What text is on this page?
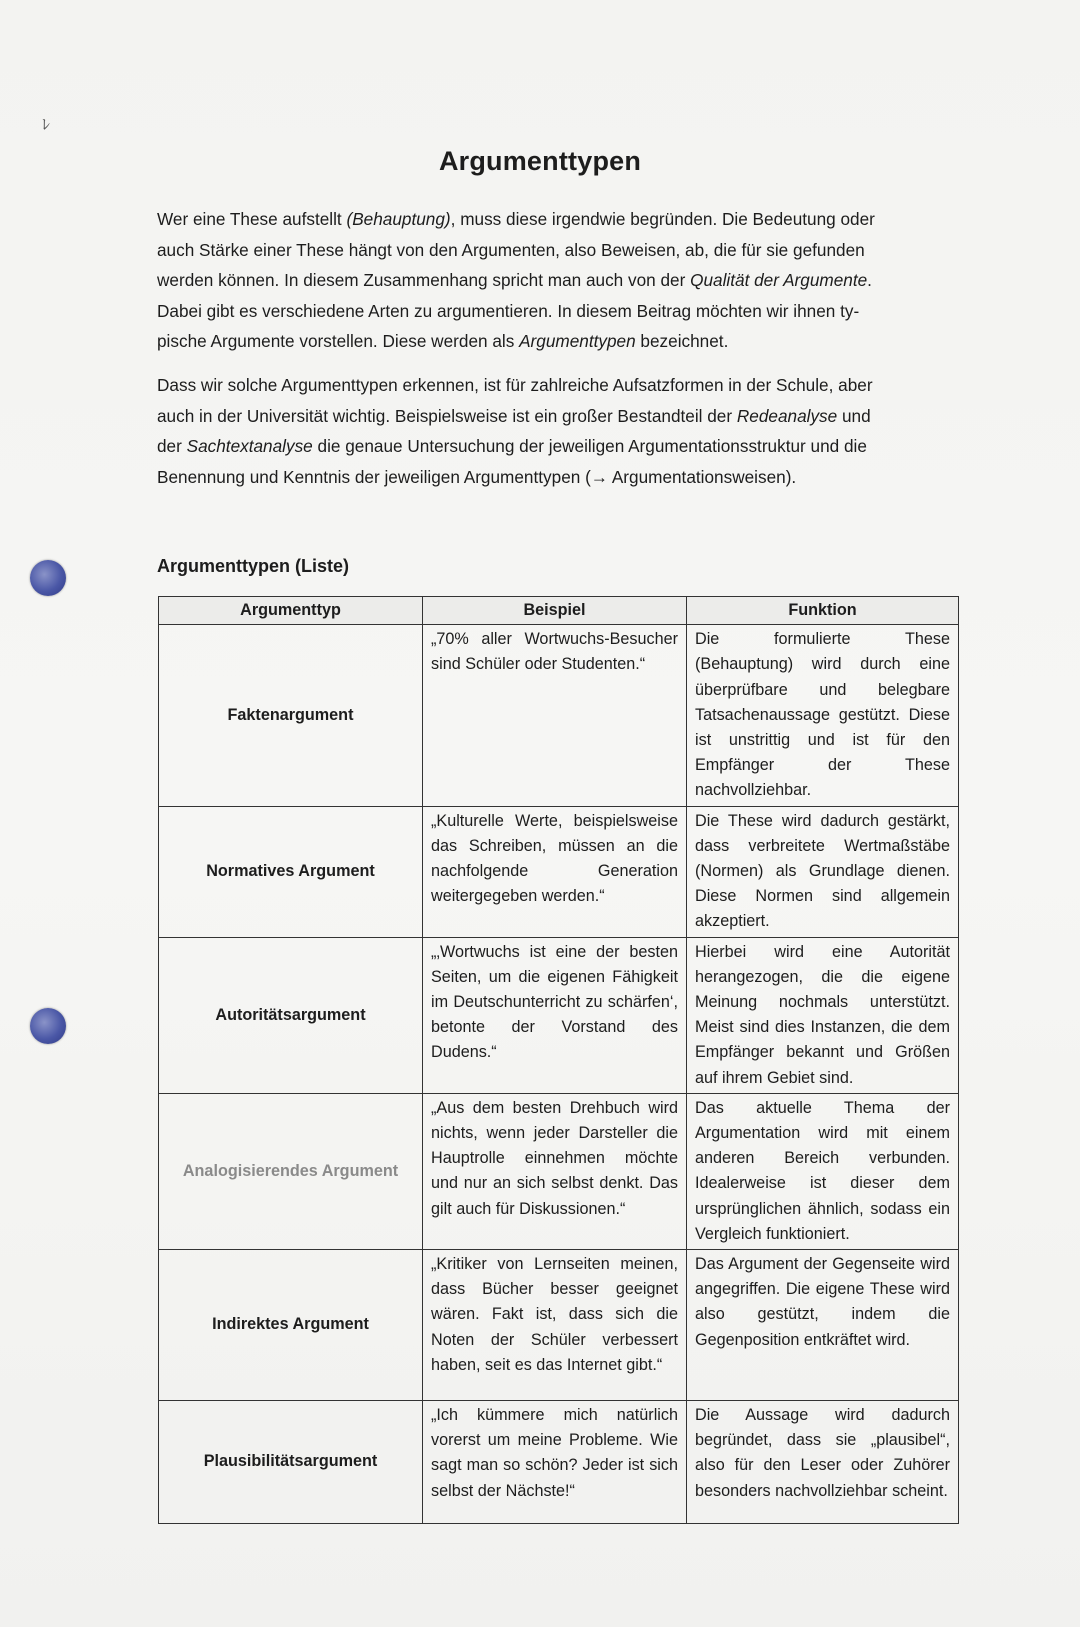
ﾚ
Argumenttypen
Wer eine These aufstellt (Behauptung), muss diese irgendwie begründen. Die Bedeutung oder
auch Stärke einer These hängt von den Argumenten, also Beweisen, ab, die für sie gefunden
werden können. In diesem Zusammenhang spricht man auch von der Qualität der Argumente.
Dabei gibt es verschiedene Arten zu argumentieren. In diesem Beitrag möchten wir ihnen ty-
pische Argumente vorstellen. Diese werden als Argumenttypen bezeichnet.
Dass wir solche Argumenttypen erkennen, ist für zahlreiche Aufsatzformen in der Schule, aber
auch in der Universität wichtig. Beispielsweise ist ein großer Bestandteil der Redeanalyse und
der Sachtextanalyse die genaue Untersuchung der jeweiligen Argumentationsstruktur und die
Benennung und Kenntnis der jeweiligen Argumenttypen (→ Argumentationsweisen).
Argumenttypen (Liste)
Argumenttyp	Beispiel	Funktion
Faktenargument	„70% aller Wortwuchs-Besucher sind Schüler oder Studenten.“	Die formulierte These (Behauptung) wird durch eine überprüfbare und belegbare Tatsachenaussage gestützt. Diese ist unstrittig und ist für den Empfänger der These nachvollziehbar.
Normatives Argument	„Kulturelle Werte, beispielsweise das Schreiben, müssen an die nachfolgende Generation weitergegeben werden.“	Die These wird dadurch gestärkt, dass verbreitete Wertmaßstäbe (Normen) als Grundlage dienen. Diese Normen sind allgemein akzeptiert.
Autoritätsargument	„‚Wortwuchs ist eine der besten Seiten, um die eigenen Fähigkeit im Deutschunterricht zu schärfen‘, betonte der Vorstand des Dudens.“	Hierbei wird eine Autorität herangezogen, die die eigene Meinung nochmals unterstützt. Meist sind dies Instanzen, die dem Empfänger bekannt und Größen auf ihrem Gebiet sind.
Analogisierendes Argument	„Aus dem besten Drehbuch wird nichts, wenn jeder Darsteller die Hauptrolle einnehmen möchte und nur an sich selbst denkt. Das gilt auch für Diskussionen.“	Das aktuelle Thema der Argumentation wird mit einem anderen Bereich verbunden. Idealerweise ist dieser dem ursprünglichen ähnlich, sodass ein Vergleich funktioniert.
Indirektes Argument	„Kritiker von Lernseiten meinen, dass Bücher besser geeignet wären. Fakt ist, dass sich die Noten der Schüler verbessert haben, seit es das Internet gibt.“	Das Argument der Gegenseite wird angegriffen. Die eigene These wird also gestützt, indem die Gegenposition entkräftet wird.
Plausibilitätsargument	„Ich kümmere mich natürlich vorerst um meine Probleme. Wie sagt man so schön? Jeder ist sich selbst der Nächste!“	Die Aussage wird dadurch begründet, dass sie „plausibel“, also für den Leser oder Zuhörer besonders nachvollziehbar scheint.
